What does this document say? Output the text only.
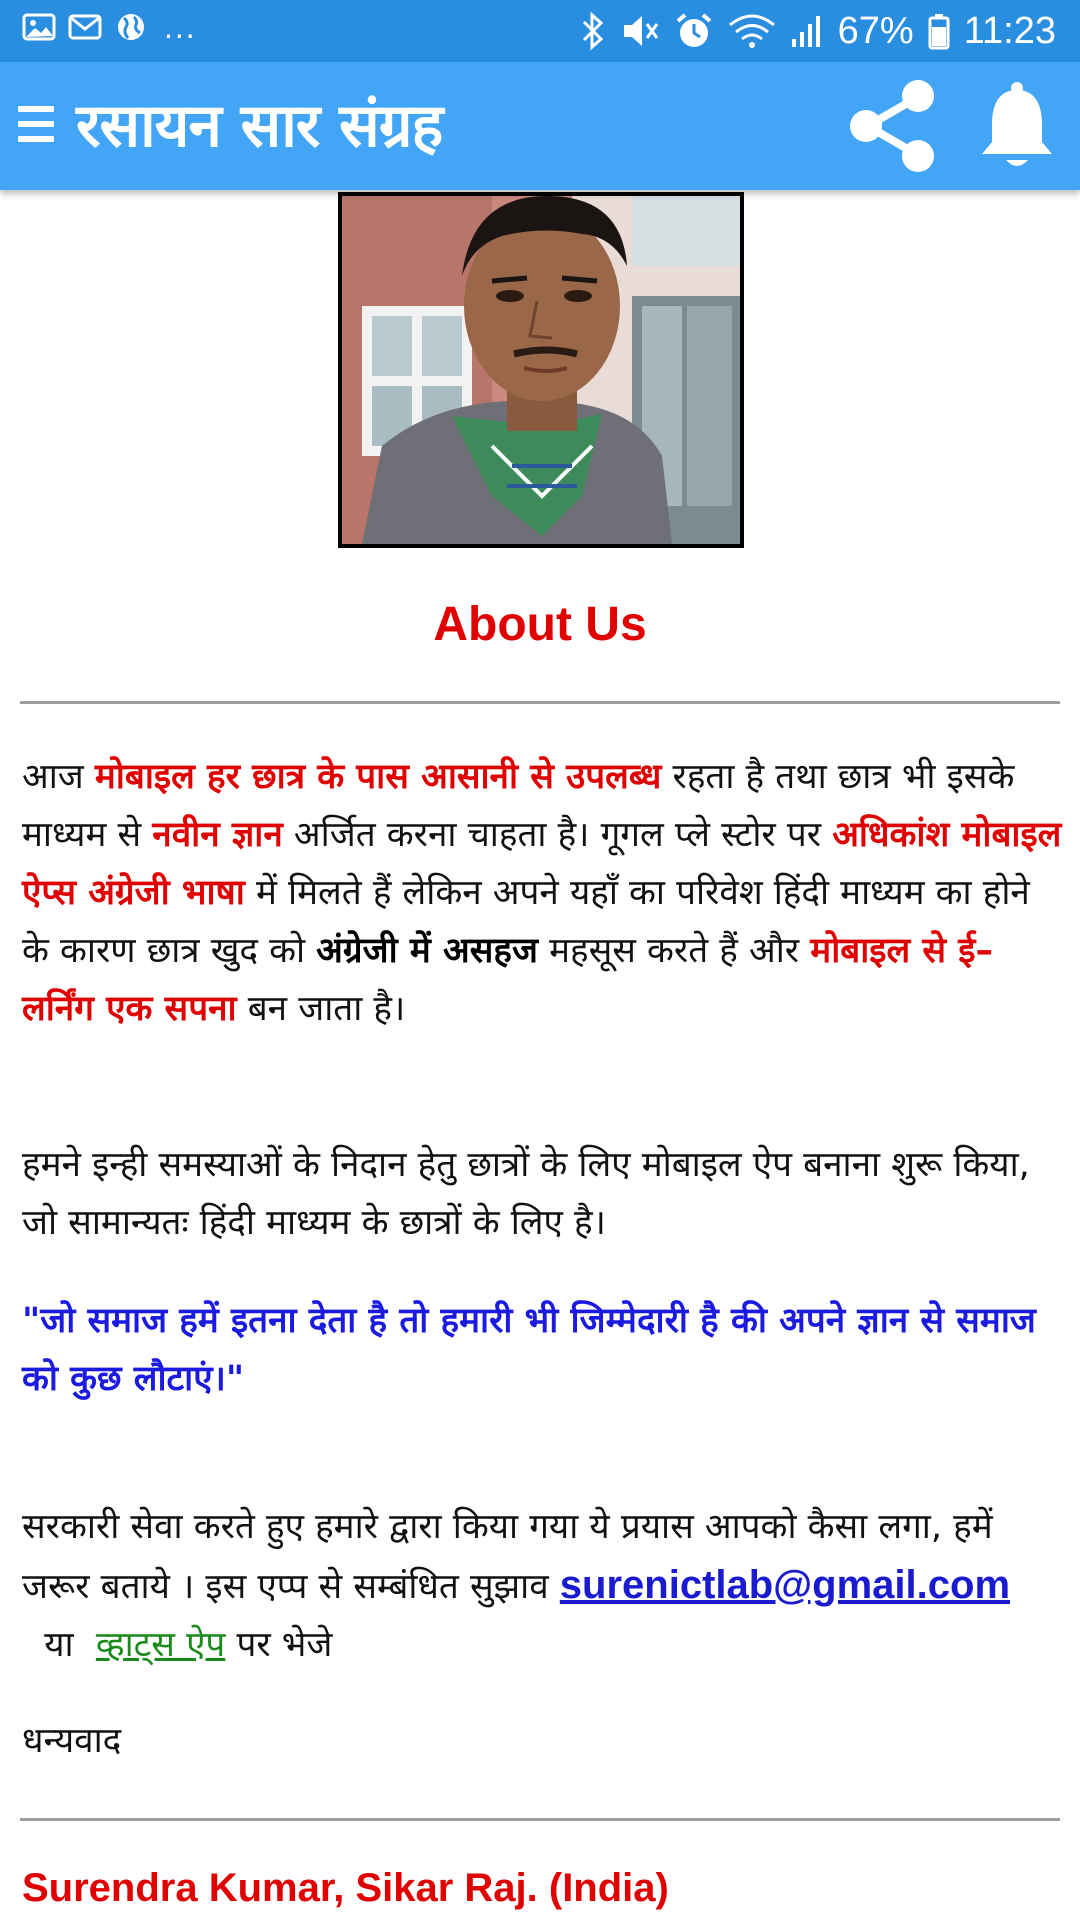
...	67% 11:23
रसायन सार संग्रह
About Us
आज मोबाइल हर छात्र के पास आसानी से उपलब्ध रहता है तथा छात्र भी इसके माध्यम से नवीन ज्ञान अर्जित करना चाहता है। गूगल प्ले स्टोर पर अधिकांश मोबाइल ऐप्स अंग्रेजी भाषा में मिलते हैं लेकिन अपने यहाँ का परिवेश हिंदी माध्यम का होने के कारण छात्र खुद को अंग्रेजी में असहज महसूस करते हैं और मोबाइल से ई–लर्निंग एक सपना बन जाता है।
हमने इन्ही समस्याओं के निदान हेतु छात्रों के लिए मोबाइल ऐप बनाना शुरू किया, जो सामान्यतः हिंदी माध्यम के छात्रों के लिए है।
"जो समाज हमें इतना देता है तो हमारी भी जिम्मेदारी है की अपने ज्ञान से समाज को कुछ लौटाएं।"
सरकारी सेवा करते हुए हमारे द्वारा किया गया ये प्रयास आपको कैसा लगा, हमें जरूर बताये । इस एप्प से सम्बंधित सुझाव surenictlab@gmail.com  या  व्हाट्स ऐप पर भेजे
धन्यवाद
Surendra Kumar, Sikar Raj. (India)
